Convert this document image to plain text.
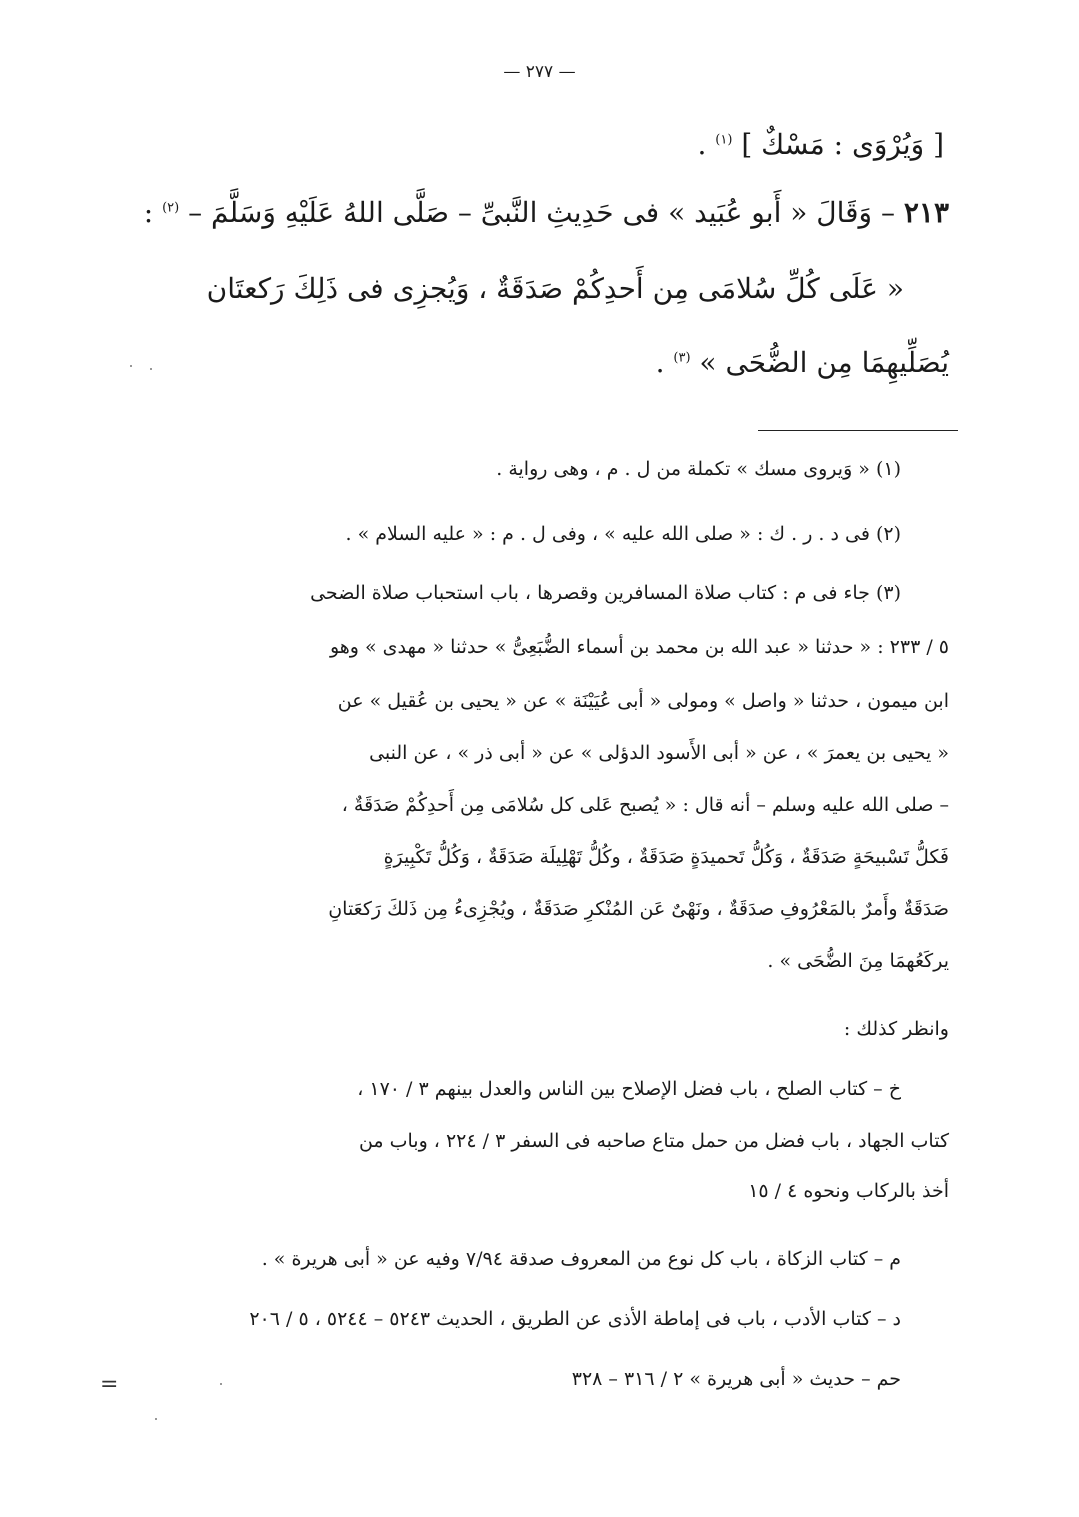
— ٢٧٧ —
[ وَيُرْوَى : مَسْكٌ ] $^{(١)}$ .
٢١٣ – وَقَالَ « أَبو عُبَيد » فى حَدِيثِ النَّبىِّ – صَلَّى اللهُ عَلَيْهِ وَسَلَّمَ – $^{(٢)}$ :
« عَلَى كُلِّ سُلامَى مِن أَحدِكُمْ صَدَقَةٌ ، وَيُجزِى فى ذَلِكَ رَكعتَان
يُصَلِّيهِمَا مِن الضُّحَى » $^{(٣)}$ .
(١) « وَيروى مسك » تكملة من ل . م ، وهى رواية .
(٢) فى د . ر . ك : « صلى الله عليه » ، وفى ل . م : « عليه السلام » .
(٣) جاء فى م : كتاب صلاة المسافرين وقصرها ، باب استحباب صلاة الضحى
٥ / ٢٣٣ : « حدثنا « عبد الله بن محمد بن أسماء الضُّبَعِىُّ » حدثنا « مهدى » وهو
ابن ميمون ، حدثنا « واصل » ومولى « أبى عُيَيْنَة » عن « يحيى بن عُقيل » عن
« يحيى بن يعمرَ » ، عن « أبى الأَسود الدؤلى » عن « أبى ذر » ، عن النبى
– صلى الله عليه وسلم – أنه قال : « يُصبح عَلى كل سُلامَى مِن أَحدِكُمْ صَدَقَةٌ ،
فَكلُّ تَسْبيحَةٍ صَدَقَةٌ ، وَكُلُّ تَحميدَةٍ صَدَقَةٌ ، وكُلُّ تَهْلِيلَة صَدَقَةٌ ، وَكُلُّ تَكْبِيرَةٍ
صَدَقَةٌ وأَمرٌ بالمَعْرُوفِ صدَقَةٌ ، ونَهْىٌ عَن المُنْكرِ صَدَقَةٌ ، ويُجْزِىءُ مِن ذَلكَ رَكعَتانِ
يركَعُهمَا مِنَ الضُّحَى » .
وانظر كذلك :
خ – كتاب الصلح ، باب فضل الإصلاح بين الناس والعدل بينهم ٣ / ١٧٠ ،
كتاب الجهاد ، باب فضل من حمل متاع صاحبه فى السفر ٣ / ٢٢٤ ، وباب من
أخذ بالركاب ونحوه ٤ / ١٥
م – كتاب الزكاة ، باب كل نوع من المعروف صدقة ٧/٩٤ وفيه عن « أبى هريرة » .
د – كتاب الأدب ، باب فى إماطة الأذى عن الطريق ، الحديث ٥٢٤٣ – ٥٢٤٤ ، ٥ / ٢٠٦
حم – حديث « أبى هريرة » ٢ / ٣١٦ – ٣٢٨
=
